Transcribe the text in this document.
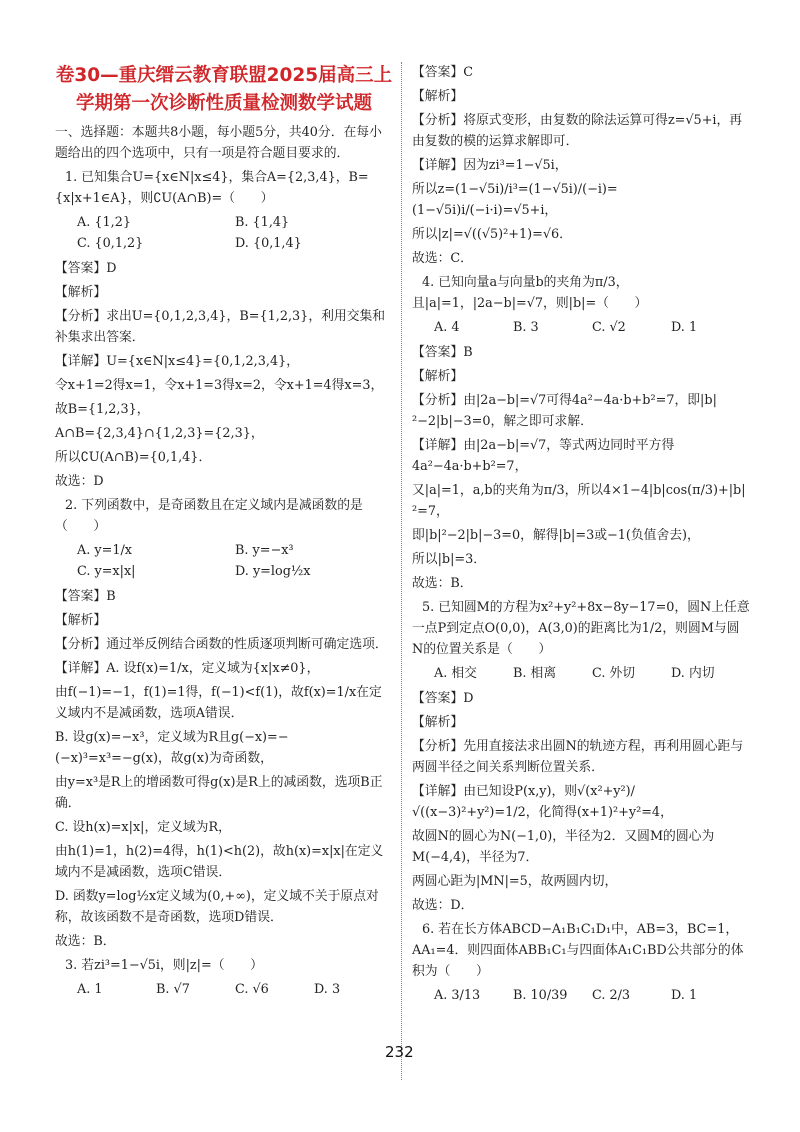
卷30—重庆缙云教育联盟2025届高三上学期第一次诊断性质量检测数学试题
一、选择题：本题共8小题，每小题5分，共40分．在每小题给出的四个选项中，只有一项是符合题目要求的．
1. 已知集合U={x∈N|x≤4}，集合A={2,3,4}，B={x|x+1∈A}，则∁U(A∩B)=（　　）
A. {1,2}	B. {1,4}
C. {0,1,2}	D. {0,1,4}
【答案】D
【解析】
【分析】求出U={0,1,2,3,4}，B={1,2,3}，利用交集和补集求出答案．
【详解】U={x∈N|x≤4}={0,1,2,3,4}，
令x+1=2得x=1，令x+1=3得x=2，令x+1=4得x=3，
故B={1,2,3}，
A∩B={2,3,4}∩{1,2,3}={2,3}，
所以∁U(A∩B)={0,1,4}．
故选：D
2. 下列函数中，是奇函数且在定义域内是减函数的是（　　）
A. y=1/x	B. y=−x³
C. y=x|x|	D. y=log½x
【答案】B
【解析】
【分析】通过举反例结合函数的性质逐项判断可确定选项．
【详解】A. 设f(x)=1/x，定义域为{x|x≠0}，
由f(−1)=−1，f(1)=1得，f(−1)<f(1)，故f(x)=1/x在定义域内不是减函数，选项A错误．
B. 设g(x)=−x³，定义域为R且g(−x)=−(−x)³=x³=−g(x)，故g(x)为奇函数，
由y=x³是R上的增函数可得g(x)是R上的减函数，选项B正确．
C. 设h(x)=x|x|，定义域为R，
由h(1)=1，h(2)=4得，h(1)<h(2)，故h(x)=x|x|在定义域内不是减函数，选项C错误．
D. 函数y=log½x定义域为(0,+∞)，定义域不关于原点对称，故该函数不是奇函数，选项D错误．
故选：B．
3. 若zi³=1−√5i，则|z|=（　　）
A. 1	B. √7	C. √6	D. 3
【答案】C
【解析】
【分析】将原式变形，由复数的除法运算可得z=√5+i，再由复数的模的运算求解即可．
【详解】因为zi³=1−√5i，
所以z=(1−√5i)/i³=(1−√5i)/(−i)=(1−√5i)i/(−i·i)=√5+i，
所以|z|=√((√5)²+1)=√6．
故选：C．
4. 已知向量a与向量b的夹角为π/3，且|a|=1，|2a−b|=√7，则|b|=（　　）
A. 4	B. 3	C. √2	D. 1
【答案】B
【解析】
【分析】由|2a−b|=√7可得4a²−4a·b+b²=7，即|b|²−2|b|−3=0，解之即可求解．
【详解】由|2a−b|=√7，等式两边同时平方得4a²−4a·b+b²=7，
又|a|=1，a,b的夹角为π/3，所以4×1−4|b|cos(π/3)+|b|²=7，
即|b|²−2|b|−3=0，解得|b|=3或−1(负值舍去)，
所以|b|=3．
故选：B．
5. 已知圆M的方程为x²+y²+8x−8y−17=0，圆N上任意一点P到定点O(0,0)，A(3,0)的距离比为1/2，则圆M与圆N的位置关系是（　　）
A. 相交	B. 相离	C. 外切	D. 内切
【答案】D
【解析】
【分析】先用直接法求出圆N的轨迹方程，再利用圆心距与两圆半径之间关系判断位置关系．
【详解】由已知设P(x,y)，则√(x²+y²)/√((x−3)²+y²)=1/2，化简得(x+1)²+y²=4，
故圆N的圆心为N(−1,0)，半径为2．又圆M的圆心为M(−4,4)，半径为7．
两圆心距为|MN|=5，故两圆内切，
故选：D．
6. 若在长方体ABCD−A₁B₁C₁D₁中，AB=3，BC=1，AA₁=4．则四面体ABB₁C₁与四面体A₁C₁BD公共部分的体积为（　　）
A. 3/13	B. 10/39	C. 2/3	D. 1
232
